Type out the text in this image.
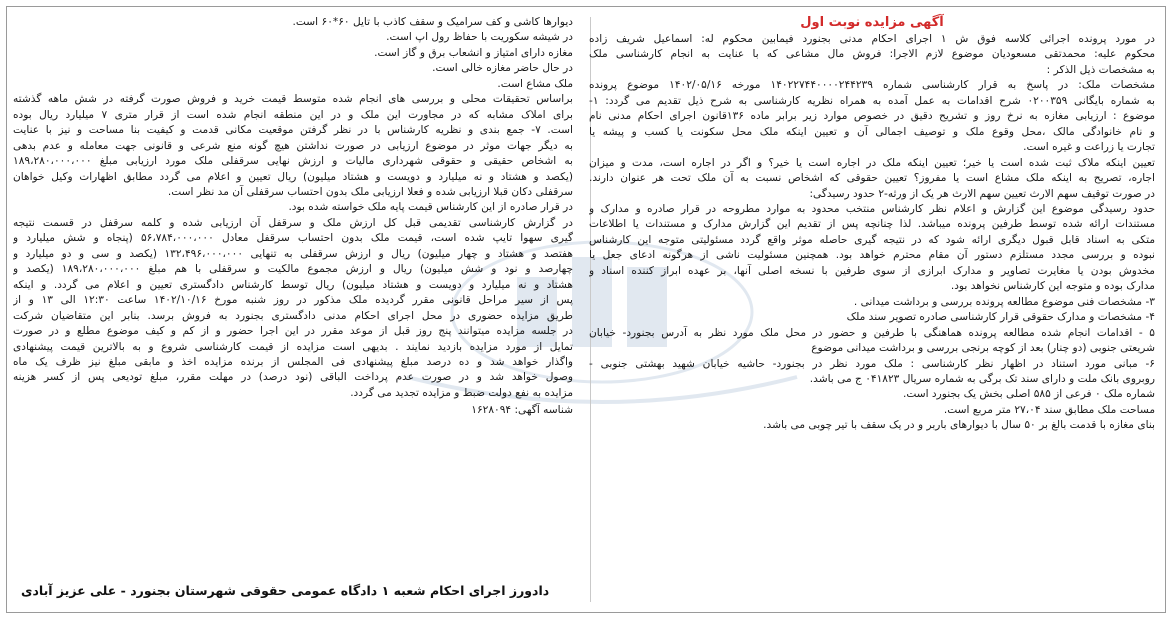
آگهی مزایده نوبت اول
در مورد پرونده اجرائی کلاسه فوق ش ۱ اجرای احکام مدنی بجنورد فیمابین محکوم له: اسماعیل شریف زاده
محکوم علیه: محمدتقی مسعودیان موضوع لازم الاجرا: فروش مال مشاعی که با عنایت به انجام کارشناسی ملک
به مشخصات ذیل الذکر :
مشخصات ملک: در پاسخ به قرار کارشناسی شماره ۱۴۰۲۲۷۴۴۰۰۰۰۲۴۴۲۳۹ مورخه ۱۴۰۲/۰۵/۱۶ موضوع پرونده
به شماره بایگانی ۰۲۰۰۳۵۹ شرح اقدامات به عمل آمده به همراه نظریه کارشناسی به شرح ذیل تقدیم می گردد: ۱-
موضوع : ارزیابی مغازه به نرخ روز و تشریح دقیق در خصوص موارد زیر برابر ماده ۱۳۶قانون اجرای احکام مدنی نام
و نام خانوادگی مالک ،محل وقوع ملک و توصیف اجمالی آن و تعیین اینکه ملک محل سکونت یا کسب و پیشه یا
تجارت یا زراعت و غیره است.
تعیین اینکه ملاک ثبت شده است یا خیر؛ تعیین اینکه ملک در اجاره است یا خیر؟ و اگر در اجاره است، مدت و میزان
اجاره، تصریح به اینکه ملک مشاع است یا مفروز؟ تعیین حقوقی که اشخاص نسبت به آن ملک تحت هر عنوان دارند.
در صورت توقیف سهم الارث تعیین سهم الارث هر یک از ورثه-۲ حدود رسیدگی:
حدود رسیدگی موضوع این گزارش و اعلام نظر کارشناس منتخب محدود به موارد مطروحه در قرار صادره و مدارک و
مستندات ارائه شده توسط طرفین پرونده میباشد. لذا چنانچه پس از تقدیم این گزارش مدارک و مستندات یا اطلاعات
متکی به اسناد قابل قبول دیگری ارائه شود که در نتیجه گیری حاصله موثر واقع گردد مسئولیتی متوجه این کارشناس
نبوده و بررسی مجدد مستلزم دستور آن مقام محترم خواهد بود. همچنین مسئولیت ناشی از هرگونه ادعای جعل یا
مخدوش بودن یا مغایرت تصاویر و مدارک ابرازی از سوی طرفین با نسخه اصلی آنها، بر عهده ابراز کننده اسناد و
مدارک بوده و متوجه این کارشناس نخواهد بود.
۳- مشخصات فنی موضوع مطالعه پرونده بررسی و برداشت میدانی .
۴- مشخصات و مدارک حقوقی قرار کارشناسی صادره تصویر سند ملک
۵ - اقدامات انجام شده مطالعه پرونده هماهنگی با طرفین و حضور در محل ملک مورد نظر به آدرس بجنورد- خیابان
شریعتی جنوبی (دو چنار) بعد از کوچه برنجی بررسی و برداشت میدانی موضوع
۶- مبانی مورد استناد در اظهار نظر کارشناسی : ملک مورد نظر در بجنورد- حاشیه خیابان شهید بهشتی جنوبی -
روبروی بانک ملت و دارای سند تک برگی به شماره سریال ۰۴۱۸۲۳ ج می باشد.
شماره ملک ۰ فرعی از ۵۸۵ اصلی بخش یک بجنورد است.
مساحت ملک مطابق سند ۲۷،۰۴ متر مربع است.
بنای مغازه با قدمت بالغ بر ۵۰ سال با دیوارهای باربر و در یک سقف با تیر چوبی می باشد.
دیوارها کاشی و کف سرامیک و سقف کاذب با تایل ۶۰*۶۰ است.
در شیشه سکوریت با حفاظ رول اپ است.
مغازه دارای امتیاز و انشعاب برق و گاز است.
در حال حاضر مغازه خالی است.
ملک مشاع است.
براساس تحقیقات محلی و بررسی های انجام شده متوسط قیمت خرید و فروش صورت گرفته در شش ماهه گذشته
برای املاک مشابه که در مجاورت این ملک و در این منطقه انجام شده است از قرار متری ۷ میلیارد ریال بوده
است. ۷- جمع بندی و نظریه کارشناس با در نظر گرفتن موقعیت مکانی قدمت و کیفیت بنا مساحت و نیز با عنایت
به دیگر جهات موثر در موضوع ارزیابی در صورت نداشتن هیچ گونه منع شرعی و قانونی جهت معامله و عدم بدهی
به اشخاص حقیقی و حقوقی شهرداری مالیات و ارزش نهایی سرقفلی ملک مورد ارزیابی مبلغ ۱۸۹،۲۸۰،۰۰۰،۰۰۰
(یکصد و هشتاد و نه میلیارد و دویست و هشتاد میلیون) ریال تعیین و اعلام می گردد مطابق اظهارات وکیل خواهان
سرقفلی دکان قبلا ارزیابی شده و فعلا ارزیابی ملک بدون احتساب سرقفلی آن مد نظر است.
در قرار صادره از این کارشناس قیمت پایه ملک خواسته شده بود.
در گزارش کارشناسی تقدیمی قبل کل ارزش ملک و سرقفل آن ارزیابی شده و کلمه سرقفل در قسمت نتیجه
گیری سهوا تایپ شده است، قیمت ملک بدون احتساب سرقفل معادل ۵۶،۷۸۴،۰۰۰،۰۰۰ (پنجاه و شش میلیارد و
هفتصد و هشتاد و چهار میلیون) ریال و ارزش سرقفلی به تنهایی ۱۳۲،۴۹۶،۰۰۰،۰۰۰ (یکصد و سی و دو میلیارد و
چهارصد و نود و شش میلیون) ریال و ارزش مجموع مالکیت و سرقفلی با هم مبلغ ۱۸۹،۲۸۰،۰۰۰،۰۰۰ (یکصد و
هشتاد و نه میلیارد و دویست و هشتاد میلیون) ریال توسط کارشناس دادگستری تعیین و اعلام می گردد. و اینکه
پس از سیر مراحل قانونی مقرر گردیده ملک مذکور در روز شنبه مورخ ۱۴۰۲/۱۰/۱۶ ساعت ۱۲:۳۰ الی ۱۳ و از
طریق مزایده حضوری در محل اجرای احکام مدنی دادگستری بجنورد به فروش برسد. بنابر این متقاضیان شرکت
در جلسه مزایده میتوانند پنج روز قبل از موعد مقرر در این اجرا حضور و از کم و کیف موضوع مطلع و در صورت
تمایل از مورد مزایده بازدید نمایند . بدیهی است مزایده از قیمت کارشناسی شروع و به بالاترین قیمت پیشنهادی
واگذار خواهد شد و ده درصد مبلغ پیشنهادی فی المجلس از برنده مزایده اخذ و مابقی مبلغ نیز ظرف یک ماه
وصول خواهد شد و در صورت عدم پرداخت الباقی (نود درصد) در مهلت مقرر، مبلغ تودیعی پس از کسر هزینه
مزایده به نفع دولت ضبط و مزایده تجدید می گردد.
شناسه آگهی: ۱۶۲۸۰۹۴
دادورز اجرای احکام شعبه ۱ دادگاه عمومی حقوقی شهرستان بجنورد - علی عزیز آبادی
